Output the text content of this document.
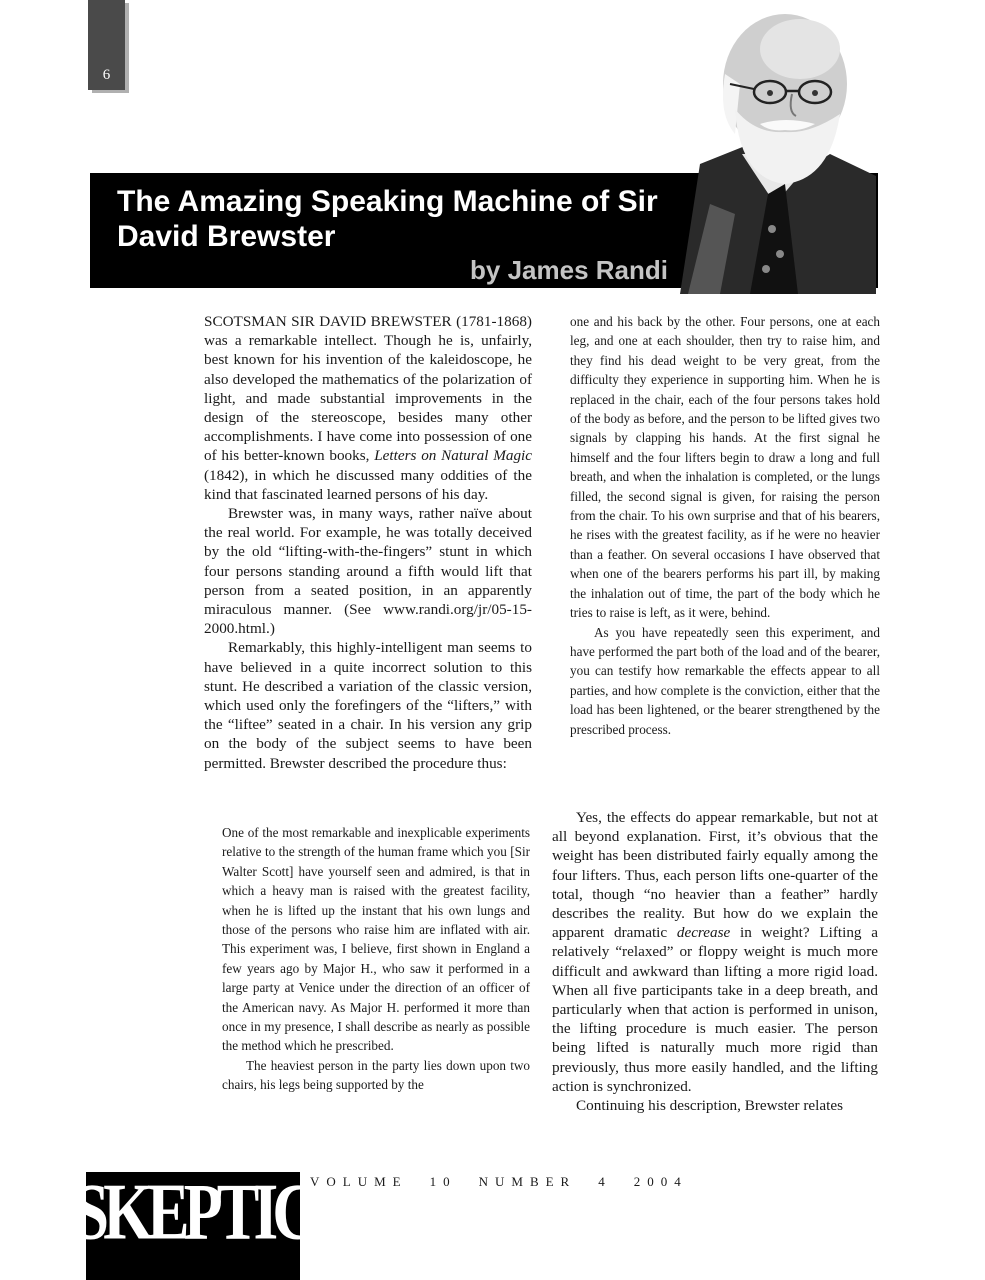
6
The Amazing Speaking Machine of Sir David Brewster
by James Randi

SCOTSMAN SIR DAVID BREWSTER (1781-1868) was a remarkable intellect. Though he is, unfairly, best known for his invention of the kaleidoscope, he also developed the mathematics of the polarization of light, and made substantial improvements in the design of the stereoscope, besides many other accomplishments. I have come into possession of one of his better-known books, Letters on Natural Magic (1842), in which he discussed many oddities of the kind that fascinated learned persons of his day.

Brewster was, in many ways, rather naïve about the real world. For example, he was totally deceived by the old “lifting-with-the-fingers” stunt in which four persons standing around a fifth would lift that person from a seated position, in an apparently miraculous manner. (See www.randi.org/jr/05-15-2000.html.)

Remarkably, this highly-intelligent man seems to have believed in a quite incorrect solution to this stunt. He described a variation of the classic version, which used only the forefingers of the “lifters,” with the “liftee” seated in a chair. In his version any grip on the body of the subject seems to have been permitted. Brewster described the procedure thus:

One of the most remarkable and inexplicable experiments relative to the strength of the human frame which you [Sir Walter Scott] have yourself seen and admired, is that in which a heavy man is raised with the greatest facility, when he is lifted up the instant that his own lungs and those of the persons who raise him are inflated with air. This experiment was, I believe, first shown in England a few years ago by Major H., who saw it performed in a large party at Venice under the direction of an officer of the American navy. As Major H. performed it more than once in my presence, I shall describe as nearly as possible the method which he prescribed.

The heaviest person in the party lies down upon two chairs, his legs being supported by the

one and his back by the other. Four persons, one at each leg, and one at each shoulder, then try to raise him, and they find his dead weight to be very great, from the difficulty they experience in supporting him. When he is replaced in the chair, each of the four persons takes hold of the body as before, and the person to be lifted gives two signals by clapping his hands. At the first signal he himself and the four lifters begin to draw a long and full breath, and when the inhalation is completed, or the lungs filled, the second signal is given, for raising the person from the chair. To his own surprise and that of his bearers, he rises with the greatest facility, as if he were no heavier than a feather. On several occasions I have observed that when one of the bearers performs his part ill, by making the inhalation out of time, the part of the body which he tries to raise is left, as it were, behind.

As you have repeatedly seen this experiment, and have performed the part both of the load and of the bearer, you can testify how remarkable the effects appear to all parties, and how complete is the conviction, either that the load has been lightened, or the bearer strengthened by the prescribed process.

Yes, the effects do appear remarkable, but not at all beyond explanation. First, it’s obvious that the weight has been distributed fairly equally among the four lifters. Thus, each person lifts one-quarter of the total, though “no heavier than a feather” hardly describes the reality. But how do we explain the apparent dramatic decrease in weight? Lifting a relatively “relaxed” or floppy weight is much more difficult and awkward than lifting a more rigid load. When all five participants take in a deep breath, and particularly when that action is performed in unison, the lifting procedure is much easier. The person being lifted is naturally much more rigid than previously, thus more easily handled, and the lifting action is synchronized.

Continuing his description, Brewster relates

SKEPTIC
VOLUME 10 NUMBER 4 2004
